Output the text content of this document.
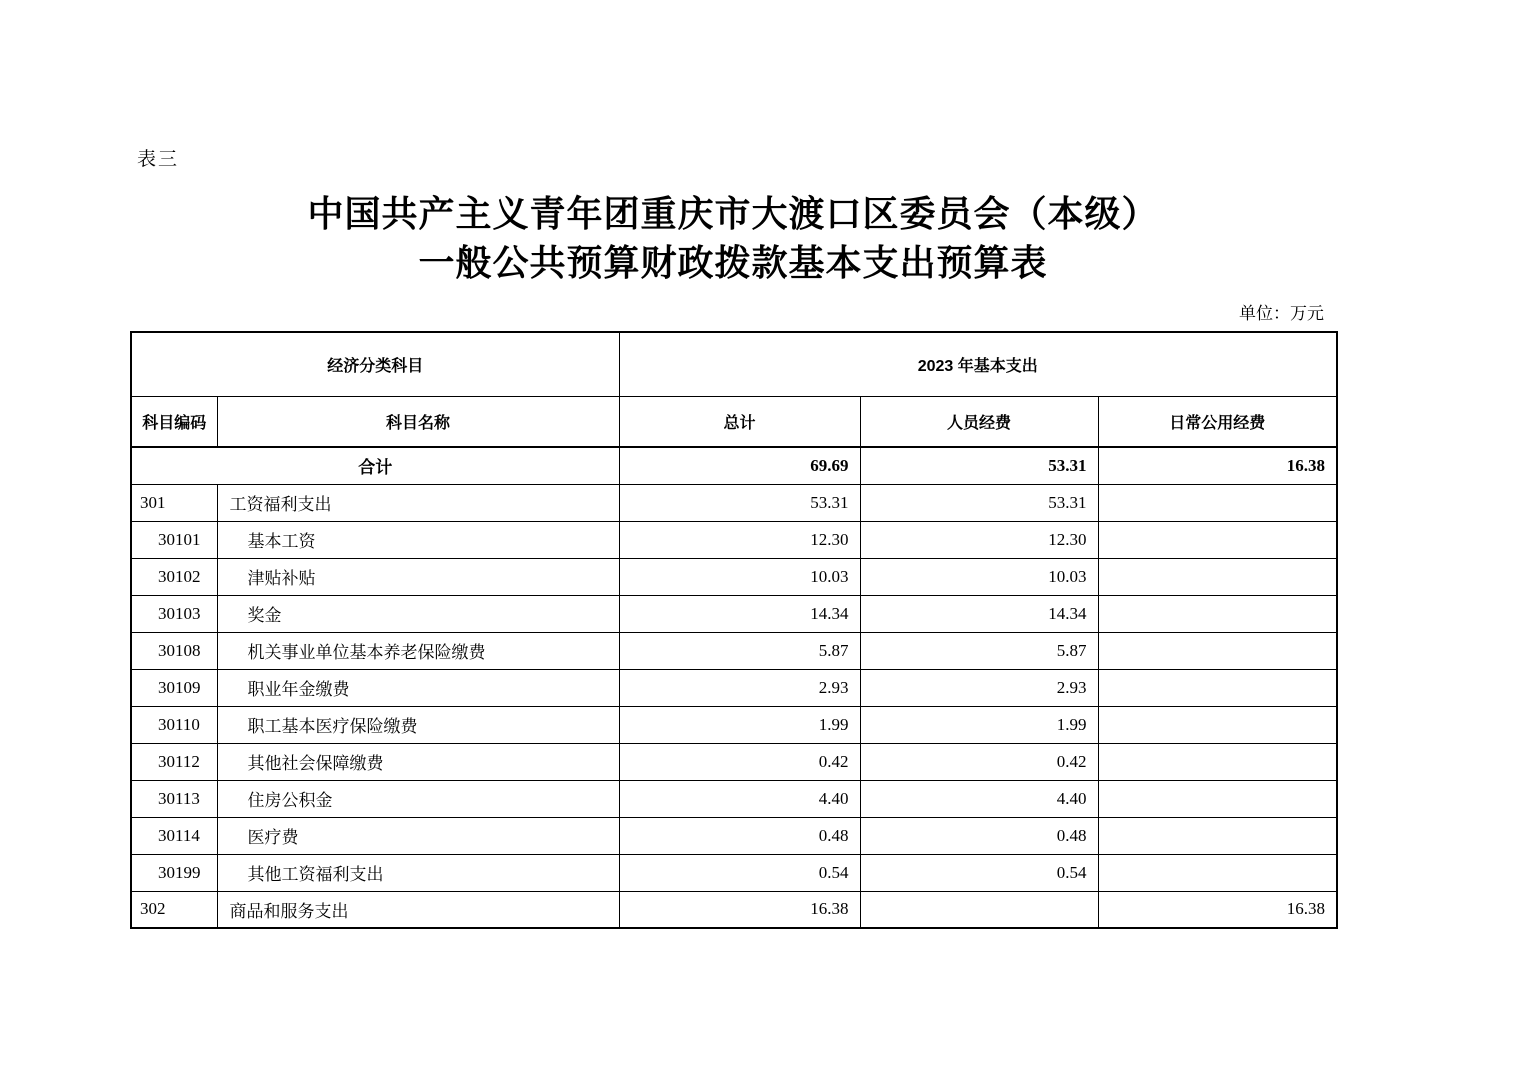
表三
中国共产主义青年团重庆市大渡口区委员会（本级）
一般公共预算财政拨款基本支出预算表
单位：万元
经济分类科目		2023 年基本支出		
科目编码	科目名称	总计	人员经费	日常公用经费
合计		69.69	53.31	16.38
301	工资福利支出	53.31	53.31	
30101	基本工资	12.30	12.30	
30102	津贴补贴	10.03	10.03	
30103	奖金	14.34	14.34	
30108	机关事业单位基本养老保险缴费	5.87	5.87	
30109	职业年金缴费	2.93	2.93	
30110	职工基本医疗保险缴费	1.99	1.99	
30112	其他社会保障缴费	0.42	0.42	
30113	住房公积金	4.40	4.40	
30114	医疗费	0.48	0.48	
30199	其他工资福利支出	0.54	0.54	
302	商品和服务支出	16.38		16.38
